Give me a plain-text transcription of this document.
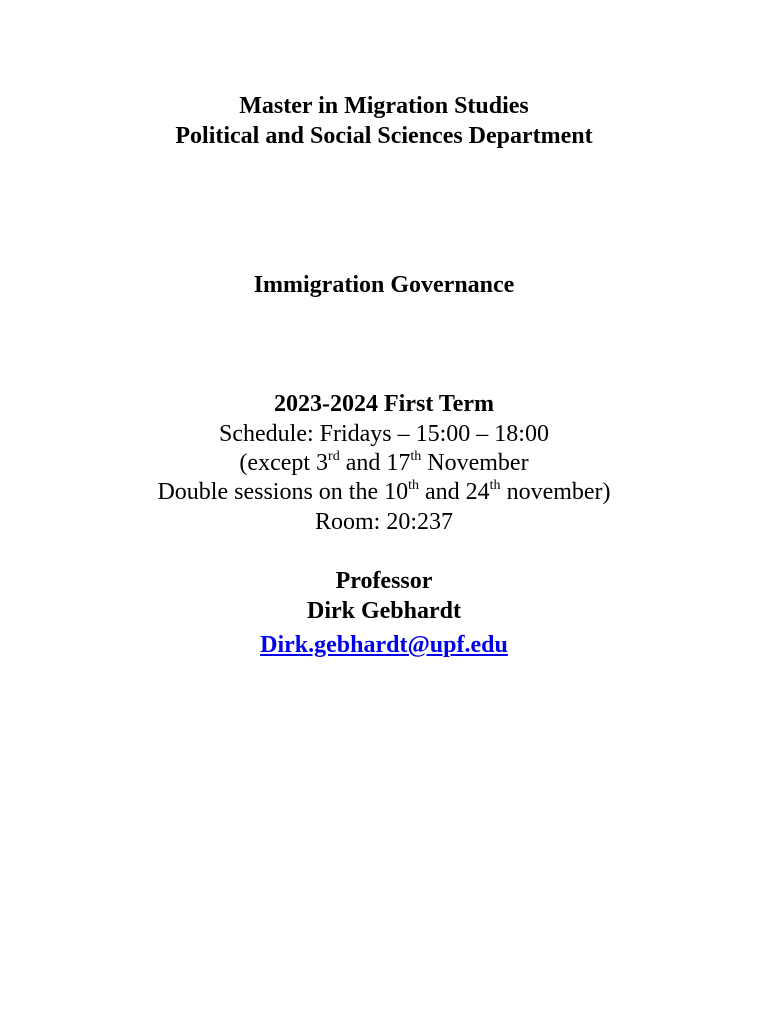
Master in Migration Studies
Political and Social Sciences Department
Immigration Governance
2023-2024 First Term
Schedule: Fridays – 15:00 – 18:00
(except 3rd and 17th November
Double sessions on the 10th and 24th november)
Room: 20:237
Professor
Dirk Gebhardt
Dirk.gebhardt@upf.edu
